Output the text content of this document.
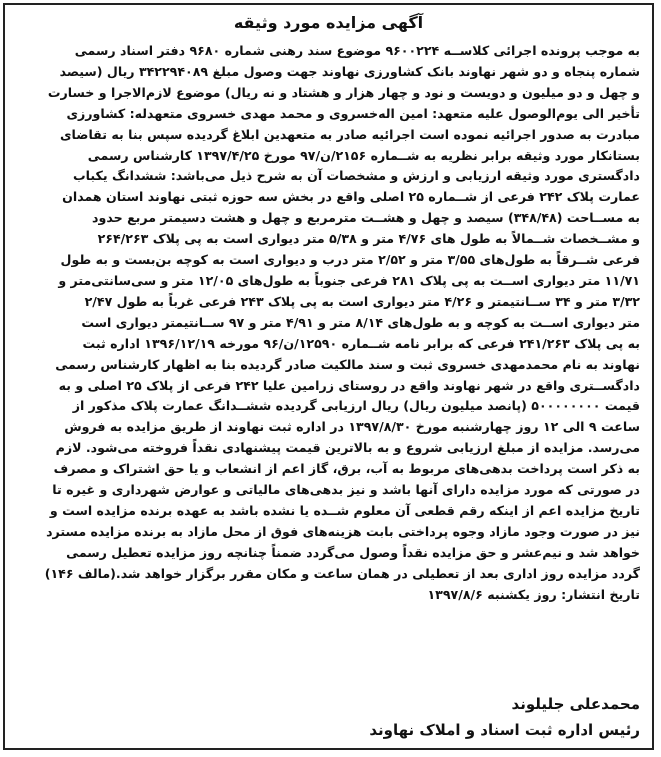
آگهی مزایده مورد وثیقه
به موجب پرونده اجرائی کلاســه ۹۶۰۰۲۲۴ موضوع سند رهنی شماره ۹۶۸۰ دفتر اسناد رسمی
شماره پنجاه و دو شهر نهاوند بانک کشاورزی نهاوند جهت وصول مبلغ ۳۴۲۲۹۴۰۸۹ ریال (سیصد
و چهل و دو میلیون و دویست و نود و چهار هزار و هشتاد و نه ریال) موضوع لازم‌الاجرا و خسارت
تأخیر الی یوم‌الوصول علیه متعهد: امین اله‌خسروی و محمد مهدی خسروی متعهدله: کشاورزی
مبادرت به صدور اجرائیه نموده است اجرائیه صادر به متعهدین ابلاغ گردیده سپس بنا به تقاضای
بستانکار مورد وثیقه برابر نظریه به شــماره ۲۱۵۶/ن/۹۷ مورخ ۱۳۹۷/۴/۲۵ کارشناس رسمی
دادگستری مورد وثیقه ارزیابی و ارزش و مشخصات آن به شرح ذیل می‌باشد: ششدانگ یکباب
عمارت پلاک ۲۴۲ فرعی از شــماره ۲۵ اصلی واقع در بخش سه حوزه ثبتی نهاوند استان همدان
به مســاحت (۳۴۸/۴۸) سیصد و چهل و هشــت مترمربع و چهل و هشت دسیمتر مربع حدود
و مشــخصات شــمالاً به طول های ۴/۷۶ متر و ۵/۳۸ متر دیواری است به پی پلاک ۲۶۴/۲۶۳
فرعی شــرقاً به طول‌های ۳/۵۵ متر و ۲/۵۲ متر درب و دیواری است به کوچه بن‌بست و به طول
۱۱/۷۱ متر دیواری اســت به پی پلاک ۲۸۱ فرعی جنوباً به طول‌های ۱۲/۰۵ متر و سی‌سانتی‌متر و
۳/۳۲ متر و ۳۴ ســانتیمتر و ۴/۲۶ متر دیواری است به پی پلاک ۲۴۳ فرعی غرباً به طول ۲/۴۷
متر دیواری اســت به کوچه و به طول‌های ۸/۱۴ متر و ۴/۹۱ متر و ۹۷ ســانتیمتر دیواری است
به پی پلاک ۲۴۱/۲۶۳ فرعی که برابر نامه شــماره ۱۲۵۹۰/ن/۹۶ مورخه ۱۳۹۶/۱۲/۱۹ اداره ثبت
نهاوند به نام محمدمهدی خسروی ثبت و سند مالکیت صادر گردیده بنا به اظهار کارشناس رسمی
دادگســتری واقع در شهر نهاوند واقع در روستای زرامین علیا ۲۴۲ فرعی از پلاک ۲۵ اصلی و به
قیمت ۵۰۰۰۰۰۰۰۰ (پانصد میلیون ریال) ریال ارزیابی گردیده ششــدانگ عمارت پلاک مذکور از
ساعت ۹ الی ۱۲ روز چهارشنبه مورخ ۱۳۹۷/۸/۳۰ در اداره ثبت نهاوند از طریق مزایده به فروش
می‌رسد. مزایده از مبلغ ارزیابی شروع و به بالاترین قیمت پیشنهادی نقداً فروخته می‌شود. لازم
به ذکر است پرداخت بدهی‌های مربوط به آب، برق، گاز اعم از انشعاب و یا حق اشتراک و مصرف
در صورتی که مورد مزایده دارای آنها باشد و نیز بدهی‌های مالیاتی و عوارض شهرداری و غیره تا
تاریخ مزایده اعم از اینکه رقم قطعی آن معلوم شــده یا نشده باشد به عهده برنده مزایده است و
نیز در صورت وجود مازاد وجوه پرداختی بابت هزینه‌های فوق از محل مازاد به برنده مزایده مسترد
خواهد شد و نیم‌عشر و حق مزایده نقداً وصول می‌گردد ضمناً چنانچه روز مزایده تعطیل رسمی
گردد مزایده روز اداری بعد از تعطیلی در همان ساعت و مکان مقرر برگزار خواهد شد.(مالف ۱۴۶)
تاریخ انتشار: روز یکشنبه ۱۳۹۷/۸/۶
محمدعلی جلیلوند
رئیس اداره ثبت اسناد و املاک نهاوند
